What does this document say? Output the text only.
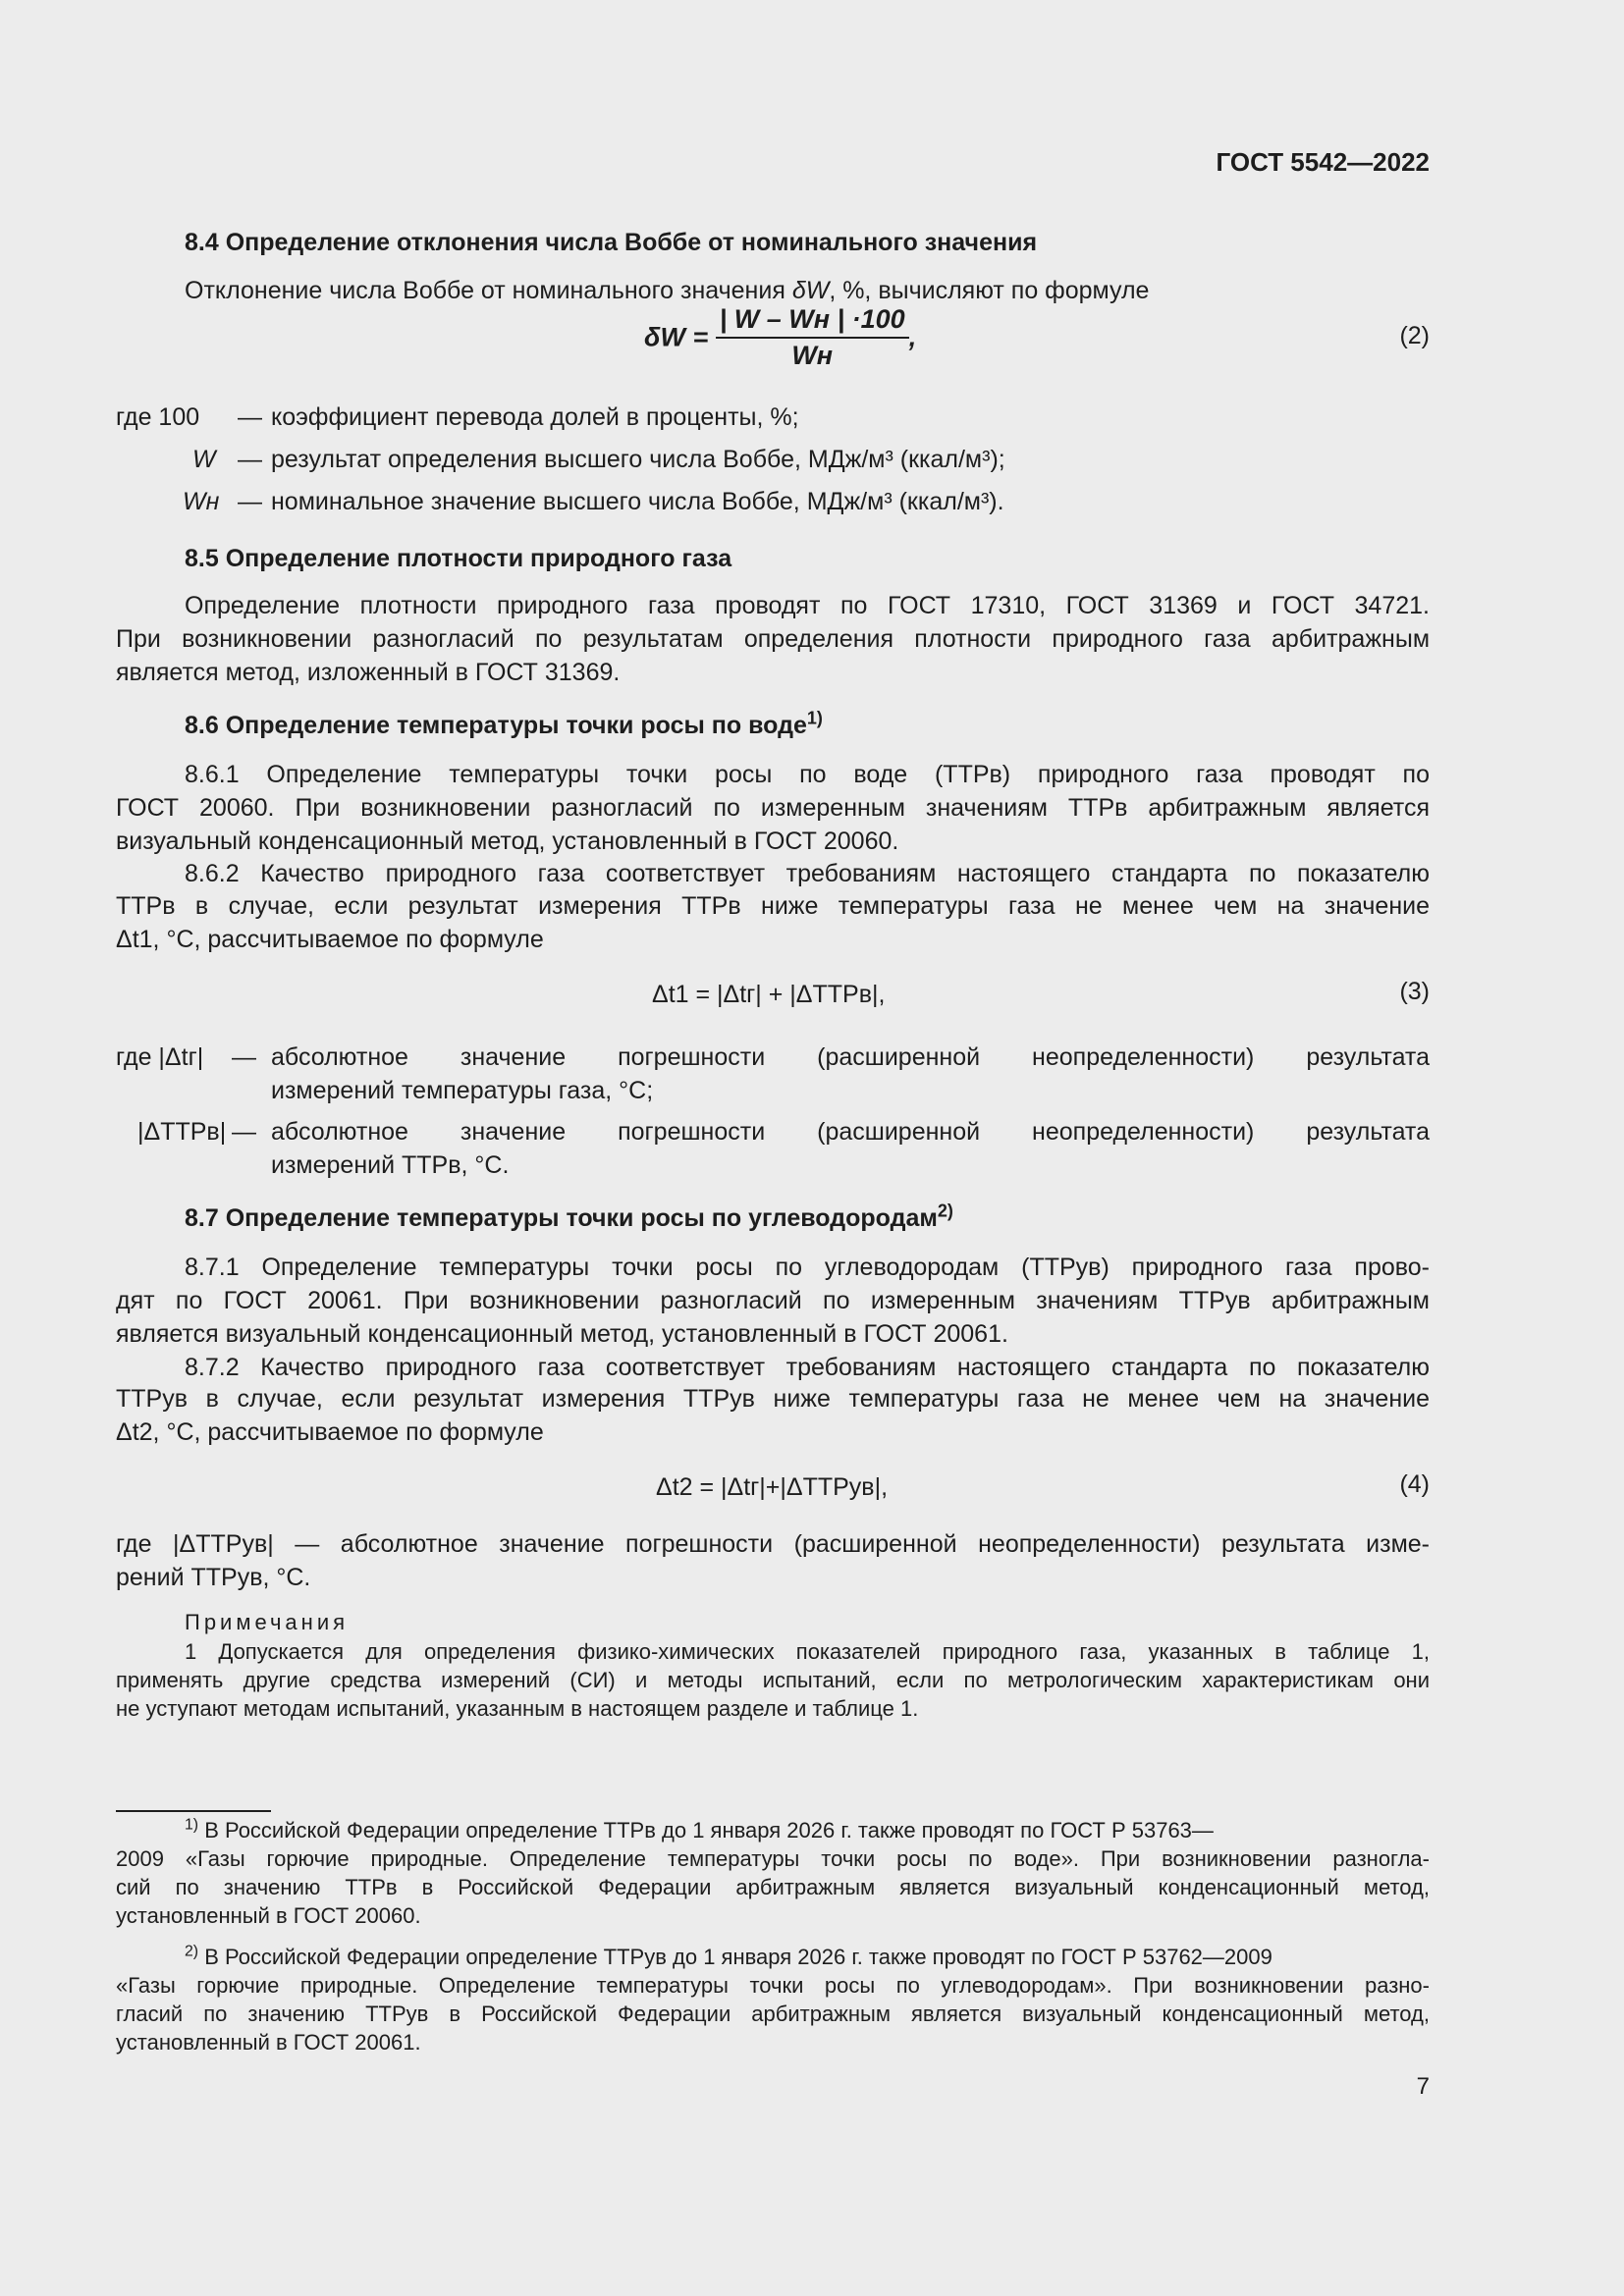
ГОСТ 5542—2022
8.4 Определение отклонения числа Воббе от номинального значения
Отклонение числа Воббе от номинального значения δW, %, вычисляют по формуле
$\delta W = \frac{| W - Wн | \cdot 100}{Wн}$ ,	(2)
где 100 — коэффициент перевода долей в проценты, %;
W — результат определения высшего числа Воббе, МДж/м³ (ккал/м³);
Wн — номинальное значение высшего числа Воббе, МДж/м³ (ккал/м³).
8.5 Определение плотности природного газа
Определение плотности природного газа проводят по ГОСТ 17310, ГОСТ 31369 и ГОСТ 34721.
При возникновении разногласий по результатам определения плотности природного газа арбитражным
является метод, изложенный в ГОСТ 31369.
8.6 Определение температуры точки росы по воде$^{1)}$
8.6.1 Определение температуры точки росы по воде (ТТРв) природного газа проводят по
ГОСТ 20060. При возникновении разногласий по измеренным значениям ТТРв арбитражным является
визуальный конденсационный метод, установленный в ГОСТ 20060.
8.6.2 Качество природного газа соответствует требованиям настоящего стандарта по показателю
ТТРв в случае, если результат измерения ТТРв ниже температуры газа не менее чем на значение
Δt1, °С, рассчитываемое по формуле
Δt1 = |Δtг| + |ΔТТРв|,	(3)
где |Δtг| — абсолютное значение погрешности (расширенной неопределенности) результата
измерений температуры газа, °С;
|ΔТТРв| — абсолютное значение погрешности (расширенной неопределенности) результата
измерений ТТРв, °С.
8.7 Определение температуры точки росы по углеводородам$^{2)}$
8.7.1 Определение температуры точки росы по углеводородам (ТТРув) природного газа прово-
дят по ГОСТ 20061. При возникновении разногласий по измеренным значениям ТТРув арбитражным
является визуальный конденсационный метод, установленный в ГОСТ 20061.
8.7.2 Качество природного газа соответствует требованиям настоящего стандарта по показателю
ТТРув в случае, если результат измерения ТТРув ниже температуры газа не менее чем на значение
Δt2, °С, рассчитываемое по формуле
Δt2 = |Δtг|+|ΔТТРув|,	(4)
где |ΔТТРув| — абсолютное значение погрешности (расширенной неопределенности) результата изме-
рений ТТРув, °С.
Примечания
1 Допускается для определения физико-химических показателей природного газа, указанных в таблице 1,
применять другие средства измерений (СИ) и методы испытаний, если по метрологическим характеристикам они
не уступают методам испытаний, указанным в настоящем разделе и таблице 1.
$^{1)}$ В Российской Федерации определение ТТРв до 1 января 2026 г. также проводят по ГОСТ Р 53763—
2009 «Газы горючие природные. Определение температуры точки росы по воде». При возникновении разногла-
сий по значению ТТРв в Российской Федерации арбитражным является визуальный конденсационный метод,
установленный в ГОСТ 20060.
$^{2)}$ В Российской Федерации определение ТТРув до 1 января 2026 г. также проводят по ГОСТ Р 53762—2009
«Газы горючие природные. Определение температуры точки росы по углеводородам». При возникновении разно-
гласий по значению ТТРув в Российской Федерации арбитражным является визуальный конденсационный метод,
установленный в ГОСТ 20061.
7
